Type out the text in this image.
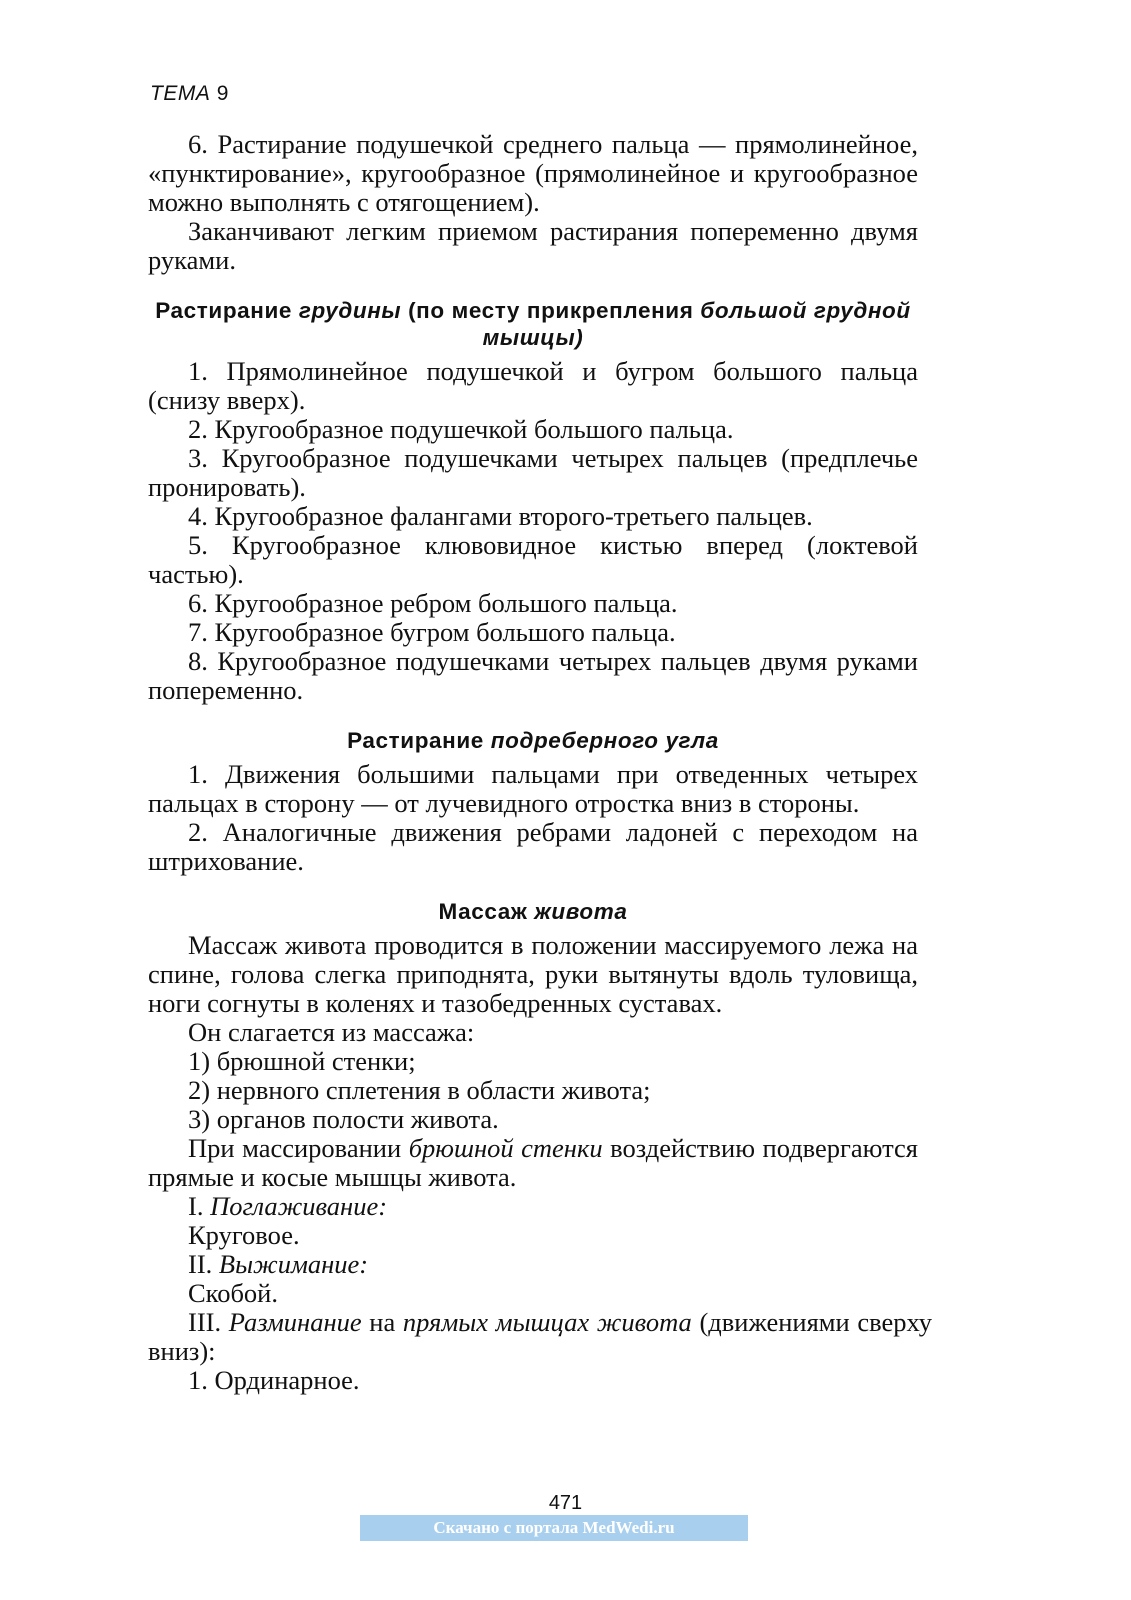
ТЕМА 9

6. Растирание подушечкой среднего пальца — прямолинейное, «пунктирование», кругообразное (прямолинейное и кругообразное можно выполнять с отягощением).

Заканчивают легким приемом растирания попеременно двумя руками.

Растирание грудины (по месту прикрепления большой грудной мышцы)

1. Прямолинейное подушечкой и бугром большого пальца (снизу вверх).

2. Кругообразное подушечкой большого пальца.

3. Кругообразное подушечками четырех пальцев (предплечье пронировать).

4. Кругообразное фалангами второго-третьего пальцев.

5. Кругообразное клювовидное кистью вперед (локтевой частью).

6. Кругообразное ребром большого пальца.

7. Кругообразное бугром большого пальца.

8. Кругообразное подушечками четырех пальцев двумя руками попеременно.

Растирание подреберного угла

1. Движения большими пальцами при отведенных четырех пальцах в сторону — от лучевидного отростка вниз в стороны.

2. Аналогичные движения ребрами ладоней с переходом на штрихование.

Массаж живота

Массаж живота проводится в положении массируемого лежа на спине, голова слегка приподнята, руки вытянуты вдоль туловища, ноги согнуты в коленях и тазобедренных суставах.

Он слагается из массажа:

1) брюшной стенки;

2) нервного сплетения в области живота;

3) органов полости живота.

При массировании брюшной стенки воздействию подвергаются прямые и косые мышцы живота.

I. Поглаживание:

Круговое.

II. Выжимание:

Скобой.

III. Разминание на прямых мышцах живота (движениями сверху вниз):

1. Ординарное.

471
Скачано с портала MedWedi.ru
